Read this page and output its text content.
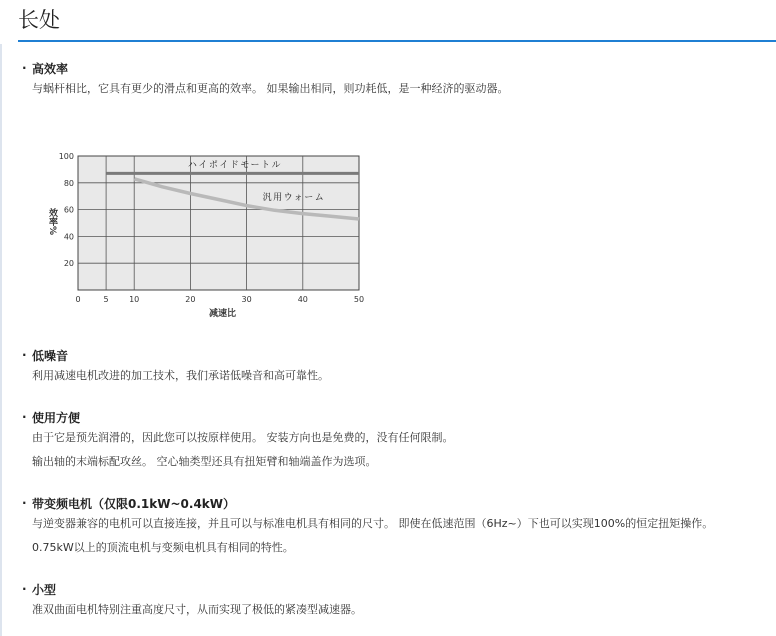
长处
· 高效率

与蜗杆相比，它具有更少的滑点和更高的效率。 如果输出相同，则功耗低，是一种经济的驱动器。

0	5	10	20	30	40	50
20
40
60
80
100
减速比
效率%
ハイポイドモートル
汎用ウォーム
· 低噪音

利用减速电机改进的加工技术，我们承诺低噪音和高可靠性。

· 使用方便

由于它是预先润滑的，因此您可以按原样使用。 安装方向也是免费的，没有任何限制。

输出轴的末端标配攻丝。 空心轴类型还具有扭矩臂和轴端盖作为选项。

· 带变频电机（仅限0.1kW~0.4kW）

与逆变器兼容的电机可以直接连接，并且可以与标准电机具有相同的尺寸。 即使在低速范围（6Hz~）下也可以实现100%的恒定扭矩操作。

0.75kW以上的顶流电机与变频电机具有相同的特性。

· 小型

准双曲面电机特别注重高度尺寸，从而实现了极低的紧凑型减速器。
